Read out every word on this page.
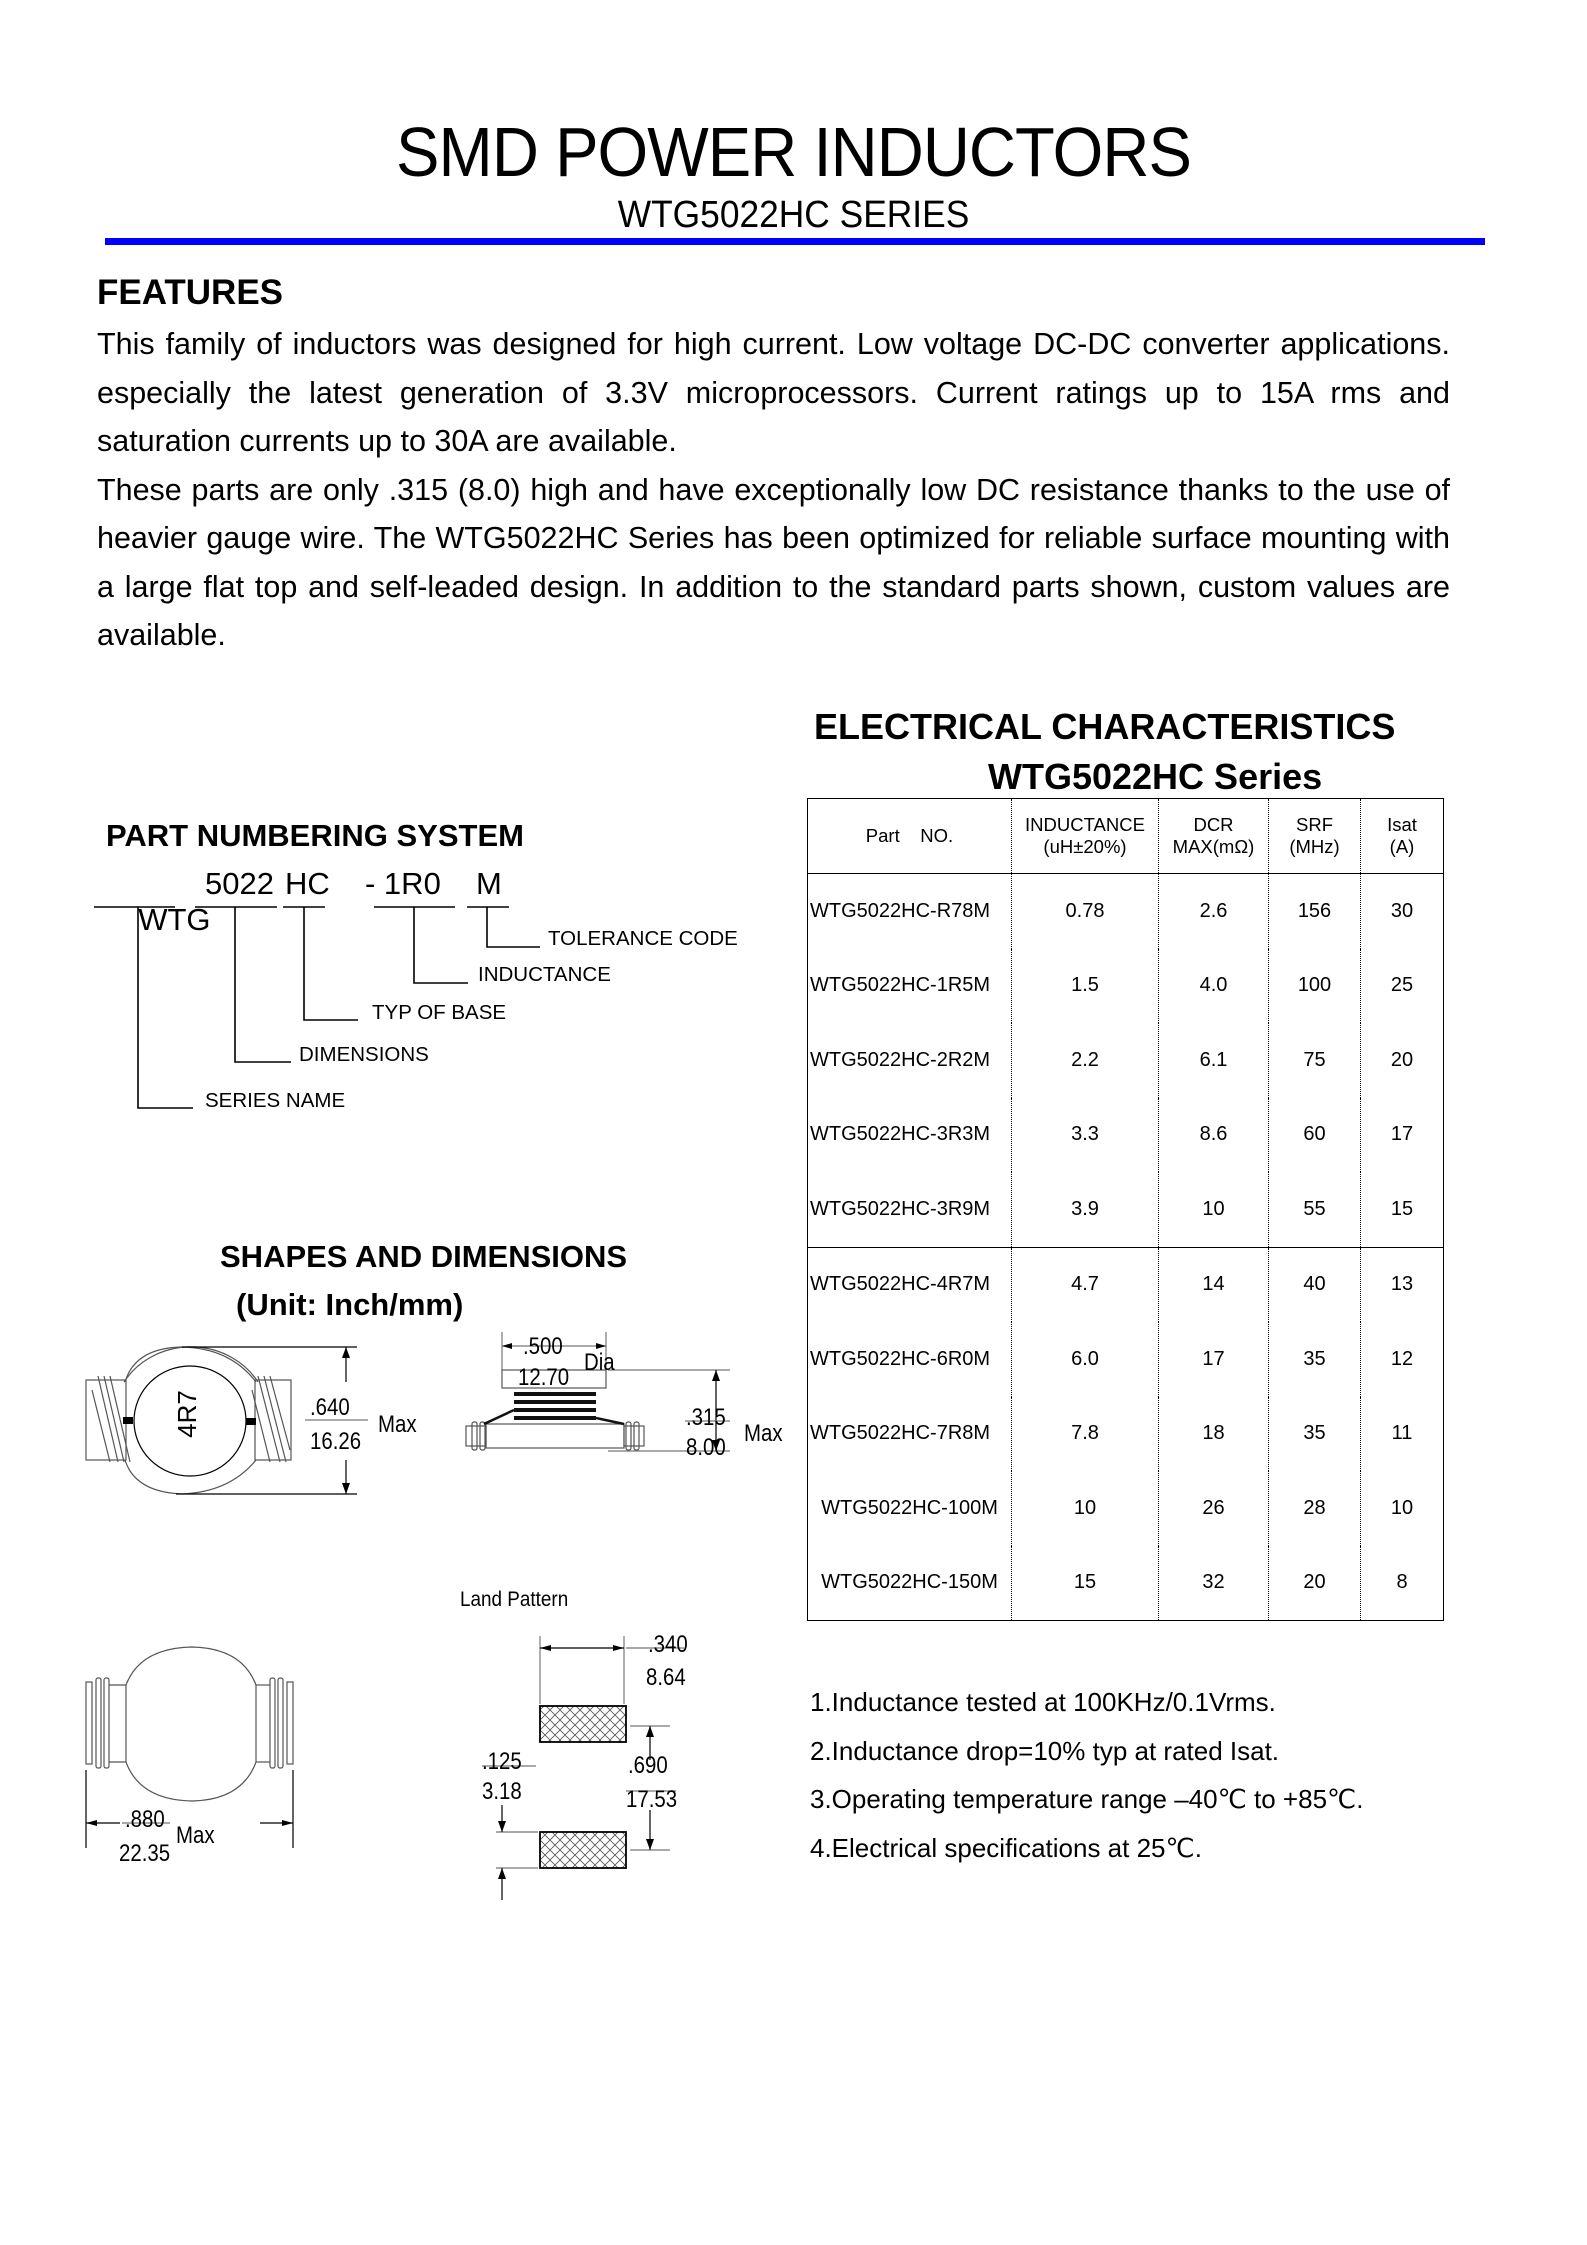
SMD POWER INDUCTORS
WTG5022HC SERIES
FEATURES

This family of inductors was designed for high current. Low voltage DC-DC converter applications. especially the latest generation of 3.3V microprocessors. Current ratings up to 15A rms and saturation currents up to 30A are available.

These parts are only .315 (8.0) high and have exceptionally low DC resistance thanks to the use of heavier gauge wire. The WTG5022HC Series has been optimized for reliable surface mounting with a large flat top and self-leaded design. In addition to the standard parts shown, custom values are available.

PART NUMBERING SYSTEM

WTG

5022 HC - 1R0 M
TOLERANCE CODE
INDUCTANCE
TYP OF BASE
DIMENSIONS
SERIES NAME
SHAPES AND DIMENSIONS
(Unit: Inch/mm)
4R7	.640
16.26
Max
.500
12.70
Dia
.315
8.00
Max
.880
22.35
Max
Land Pattern
.340
8.64
.125
3.18
.690
17.53
ELECTRICAL CHARACTERISTICS
WTG5022HC Series
Part    NO.	
INDUCTANCE
(uH±20%)

DCR
MAX(mΩ)

SRF
(MHz)

Isat
(A)

WTG5022HC-R78M	0.78	2.6	156	30
WTG5022HC-1R5M	1.5	4.0	100	25
WTG5022HC-2R2M	2.2	6.1	75	20
WTG5022HC-3R3M	3.3	8.6	60	17
WTG5022HC-3R9M	3.9	10	55	15
WTG5022HC-4R7M	4.7	14	40	13
WTG5022HC-6R0M	6.0	17	35	12
WTG5022HC-7R8M	7.8	18	35	11
WTG5022HC-100M	10	26	28	10
WTG5022HC-150M	15	32	20	8
1.Inductance tested at 100KHz/0.1Vrms.
2.Inductance drop=10% typ at rated Isat.
3.Operating temperature range –40℃ to +85℃.
4.Electrical specifications at 25℃.
